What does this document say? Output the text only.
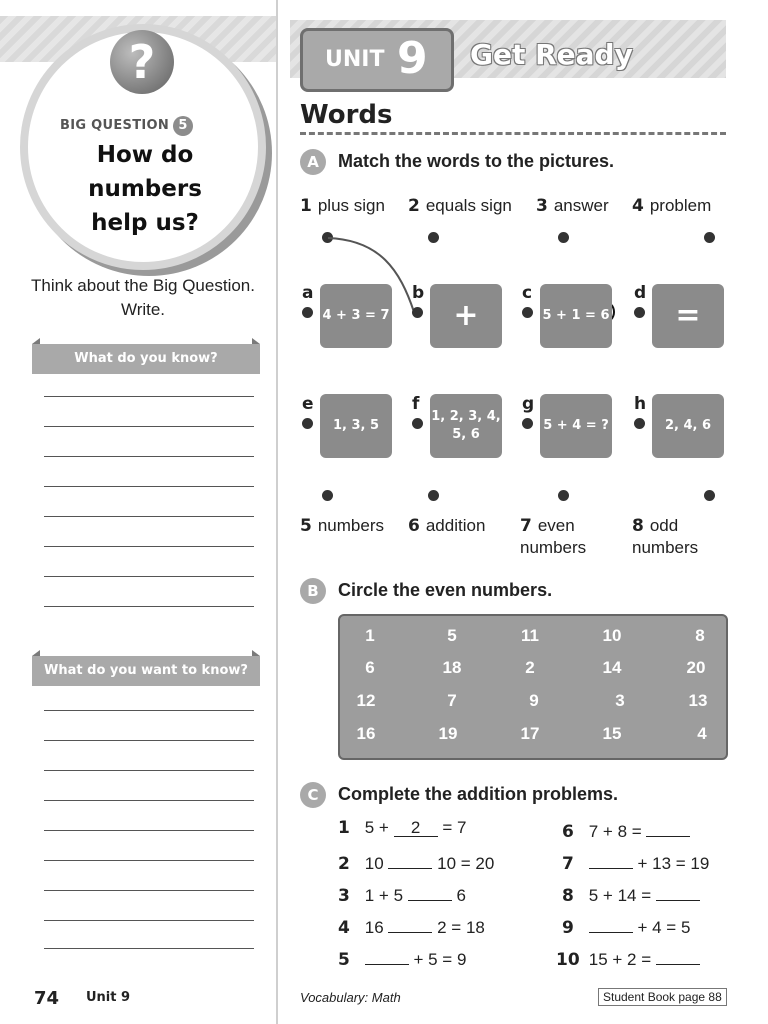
?
BIG QUESTION 5
How do numbers help us?
Think about the Big Question. Write.
What do you know?
What do you want to know?
74 Unit 9
UNIT 9 Get Ready
Words
A	Match the words to the pictures.
1 plus sign 2 equals sign 3 answer 4 problem
a	b	c	d
4 + 3 = 7	+	5 + 1 = 6	=
e	f	g	h
1, 3, 5
1, 2, 3, 4, 5, 6
5 + 4 = ?	2, 4, 6
5 numbers 6 addition 7 even numbers
8 odd numbers
B	Circle the even numbers.
1	5	11	10	8
6	18	2	14	20
12	7	9	3	13
16	19	17	15	4
C	Complete the addition problems.
1 5 + 2 = 7
2 10	10 = 20
3 1 + 5	6
4 16	2 = 18
5	+ 5 = 9
6 7 + 8 =
7	+ 13 = 19
8 5 + 14 =
9	+ 4 = 5
10 15 + 2 =
Vocabulary: Math	Student Book page 88
